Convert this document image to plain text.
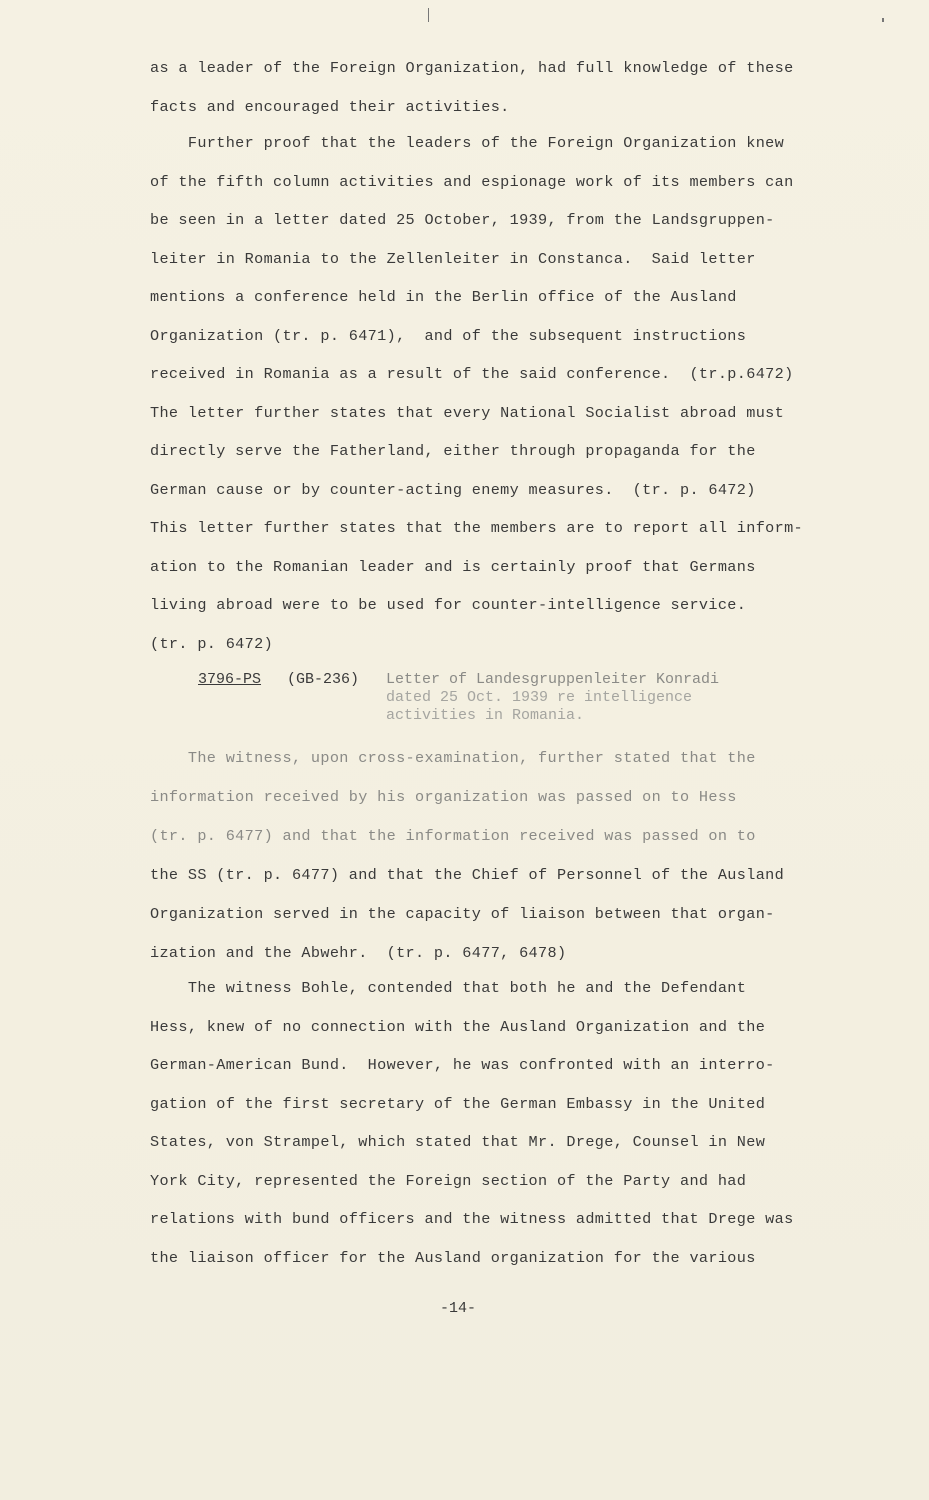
as a leader of the Foreign Organization, had full knowledge of these
facts and encouraged their activities.
Further proof that the leaders of the Foreign Organization knew
of the fifth column activities and espionage work of its members can
be seen in a letter dated 25 October, 1939, from the Landsgruppen-
leiter in Romania to the Zellenleiter in Constanca.  Said letter
mentions a conference held in the Berlin office of the Ausland
Organization (tr. p. 6471),  and of the subsequent instructions
received in Romania as a result of the said conference.  (tr.p.6472)
The letter further states that every National Socialist abroad must
directly serve the Fatherland, either through propaganda for the
German cause or by counter-acting enemy measures.  (tr. p. 6472)
This letter further states that the members are to report all inform-
ation to the Romanian leader and is certainly proof that Germans
living abroad were to be used for counter-intelligence service.
(tr. p. 6472)
3796-PS (GB-236) Letter of Landesgruppenleiter Konradi
dated 25 Oct. 1939 re intelligence
activities in Romania.
The witness, upon cross-examination, further stated that the
information received by his organization was passed on to Hess
(tr. p. 6477) and that the information received was passed on to
the SS (tr. p. 6477) and that the Chief of Personnel of the Ausland
Organization served in the capacity of liaison between that organ-
ization and the Abwehr.  (tr. p. 6477, 6478)
The witness Bohle, contended that both he and the Defendant
Hess, knew of no connection with the Ausland Organization and the
German-American Bund.  However, he was confronted with an interro-
gation of the first secretary of the German Embassy in the United
States, von Strampel, which stated that Mr. Drege, Counsel in New
York City, represented the Foreign section of the Party and had
relations with bund officers and the witness admitted that Drege was
the liaison officer for the Ausland organization for the various
-14-
